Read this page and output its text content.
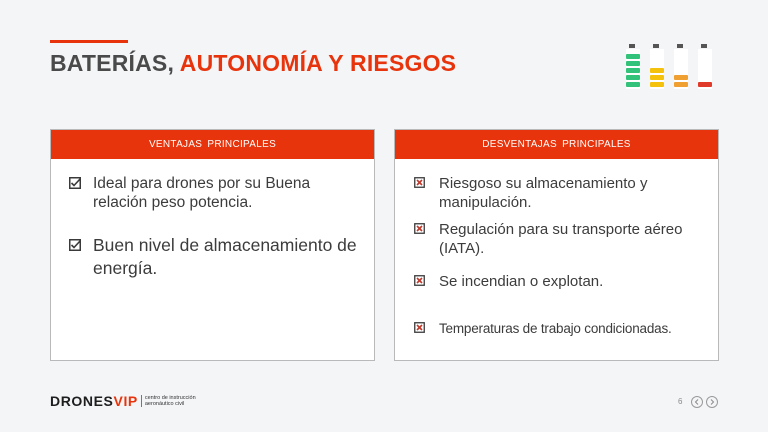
BATERÍAS, AUTONOMÍA Y RIESGOS
VENTAJAS PRINCIPALES
Ideal para drones por su Buena relación peso potencia.
Buen nivel de almacenamiento de energía.
DESVENTAJAS PRINCIPALES
Riesgoso su almacenamiento y manipulación.
Regulación para su transporte aéreo (IATA).
Se incendian o explotan.
Temperaturas de trabajo condicionadas.
DRONES VIP centro de instrucción
aeronáutico civil	6
